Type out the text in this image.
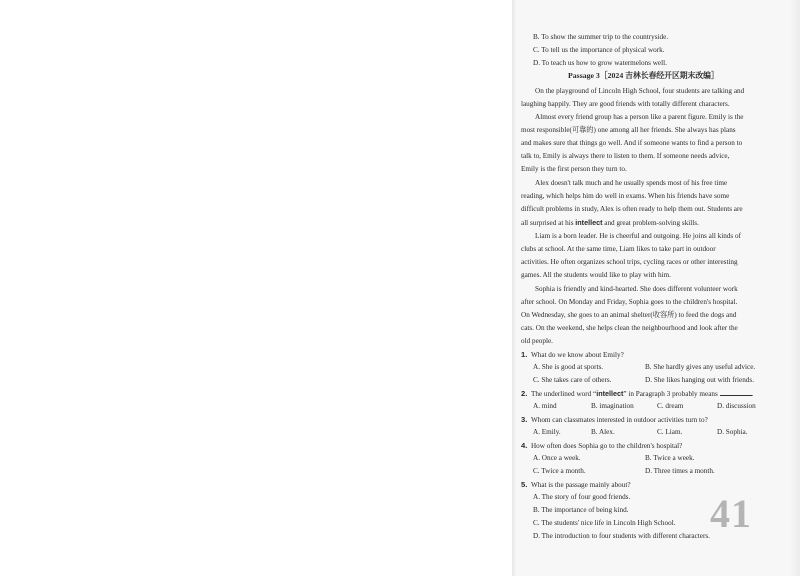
B. To show the summer trip to the countryside.
C. To tell us the importance of physical work.
D. To teach us how to grow watermelons well.
Passage 3［2024 吉林长春经开区期末改编］
On the playground of Lincoln High School, four students are talking and
laughing happily. They are good friends with totally different characters.
Almost every friend group has a person like a parent figure. Emily is the
most responsible(可靠的) one among all her friends. She always has plans
and makes sure that things go well. And if someone wants to find a person to
talk to, Emily is always there to listen to them. If someone needs advice,
Emily is the first person they turn to.
Alex doesn't talk much and he usually spends most of his free time
reading, which helps him do well in exams. When his friends have some
difficult problems in study, Alex is often ready to help them out. Students are
all surprised at his intellect and great problem-solving skills.
Liam is a born leader. He is cheerful and outgoing. He joins all kinds of
clubs at school. At the same time, Liam likes to take part in outdoor
activities. He often organizes school trips, cycling races or other interesting
games. All the students would like to play with him.
Sophia is friendly and kind-hearted. She does different volunteer work
after school. On Monday and Friday, Sophia goes to the children's hospital.
On Wednesday, she goes to an animal shelter(收容所) to feed the dogs and
cats. On the weekend, she helps clean the neighbourhood and look after the
old people.
1. What do we know about Emily?
A. She is good at sports.	B. She hardly gives any useful advice.
C. She takes care of others.	D. She likes hanging out with friends.
2. The underlined word “intellect” in Paragraph 3 probably means	.
A. mind	B. imagination	C. dream	D. discussion
3. Whom can classmates interested in outdoor activities turn to?
A. Emily.	B. Alex.	C. Liam.	D. Sophia.
4. How often does Sophia go to the children's hospital?
A. Once a week.	B. Twice a week.
C. Twice a month.	D. Three times a month.
5. What is the passage mainly about?
A. The story of four good friends.
B. The importance of being kind.
C. The students' nice life in Lincoln High School.
D. The introduction to four students with different characters. 41
